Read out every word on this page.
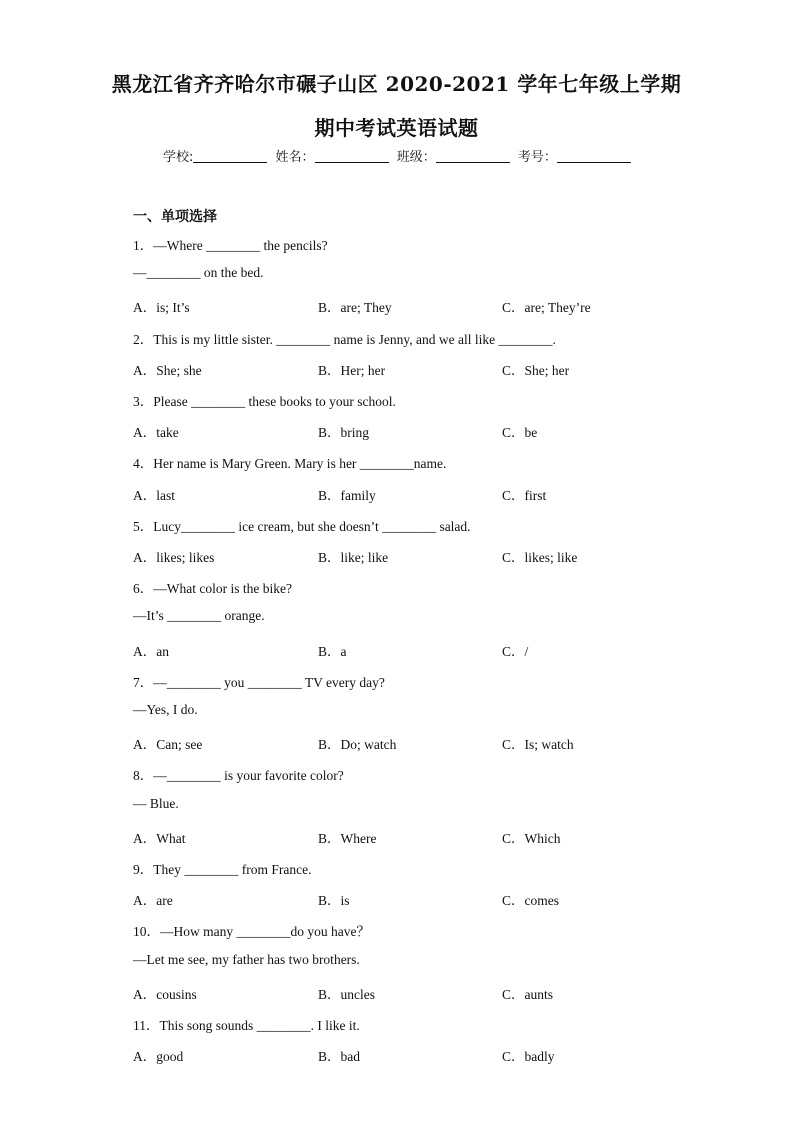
黑龙江省齐齐哈尔市碾子山区 2020-2021 学年七年级上学期
期中考试英语试题
学校:	姓名：	班级：	考号：
一、单项选择
1．—Where ________ the pencils?
—________ on the bed.
A．is; It’s	B．are; They	C．are; They’re
2．This is my little sister. ________ name is Jenny, and we all like ________.
A．She; she	B．Her; her	C．She; her
3．Please ________ these books to your school.
A．take	B．bring	C．be
4．Her name is Mary Green. Mary is her ________name.
A．last	B．family	C．first
5．Lucy________ ice cream, but she doesn’t ________ salad.
A．likes; likes	B．like; like	C．likes; like
6．—What color is the bike?
—It’s ________ orange.
A．an	B．a	C．/
7．—________ you ________ TV every day?
—Yes, I do.
A．Can; see	B．Do; watch	C．Is; watch
8．—________ is your favorite color?
— Blue.
A．What	B．Where	C．Which
9．They ________ from France.
A．are	B．is	C．comes
10．—How many ________do you have？
—Let me see, my father has two brothers.
A．cousins	B．uncles	C．aunts
11．This song sounds ________. I like it.
A．good	B．bad	C．badly
